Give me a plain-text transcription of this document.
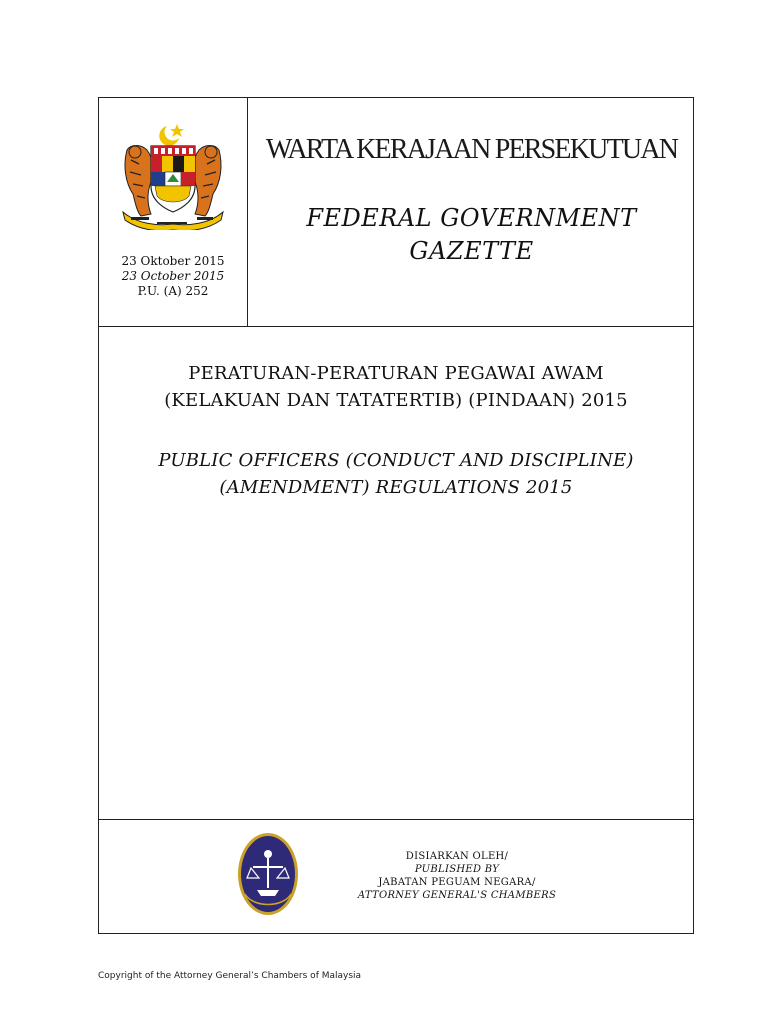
23 Oktober 2015
23 October 2015
P.U. (A) 252
WARTA KERAJAAN PERSEKUTUAN
FEDERAL GOVERNMENT
GAZETTE
PERATURAN-PERATURAN PEGAWAI AWAM
(KELAKUAN DAN TATATERTIB) (PINDAAN) 2015
PUBLIC OFFICERS (CONDUCT AND DISCIPLINE)
(AMENDMENT) REGULATIONS 2015
DISIARKAN OLEH/
PUBLISHED BY
JABATAN PEGUAM NEGARA/
ATTORNEY GENERAL'S CHAMBERS
Copyright of the Attorney General’s Chambers of Malaysia
